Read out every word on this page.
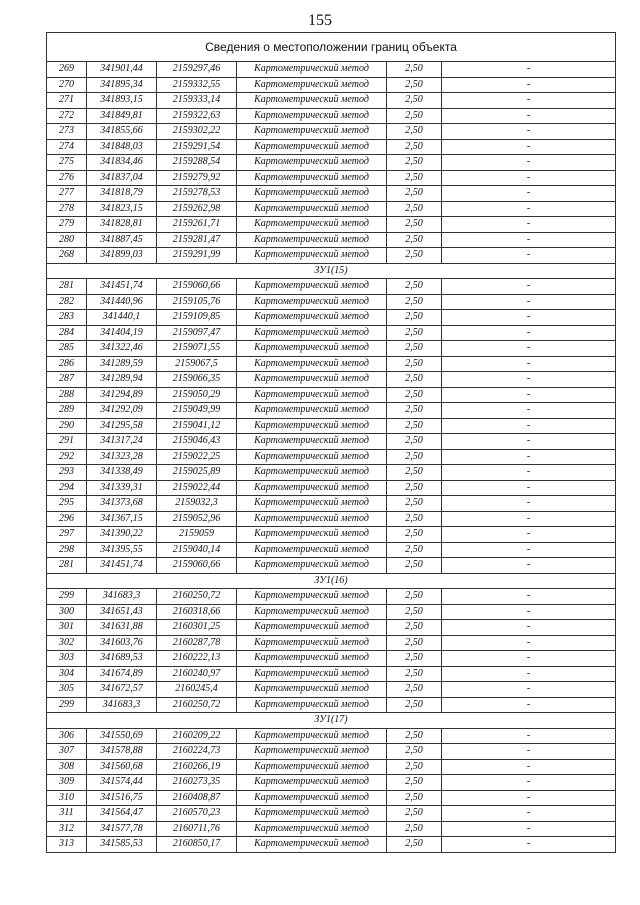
155
Сведения о местоположении границ объекта					
269	341901,44	2159297,46	Картометрический метод	2,50	-
270	341895,34	2159332,55	Картометрический метод	2,50	-
271	341893,15	2159333,14	Картометрический метод	2,50	-
272	341849,81	2159322,63	Картометрический метод	2,50	-
273	341855,66	2159302,22	Картометрический метод	2,50	-
274	341848,03	2159291,54	Картометрический метод	2,50	-
275	341834,46	2159288,54	Картометрический метод	2,50	-
276	341837,04	2159279,92	Картометрический метод	2,50	-
277	341818,79	2159278,53	Картометрический метод	2,50	-
278	341823,15	2159262,98	Картометрический метод	2,50	-
279	341828,81	2159261,71	Картометрический метод	2,50	-
280	341887,45	2159281,47	Картометрический метод	2,50	-
268	341899,03	2159291,99	Картометрический метод	2,50	-
ЗУ1(15)					
281	341451,74	2159060,66	Картометрический метод	2,50	-
282	341440,96	2159105,76	Картометрический метод	2,50	-
283	341440,1	2159109,85	Картометрический метод	2,50	-
284	341404,19	2159097,47	Картометрический метод	2,50	-
285	341322,46	2159071,55	Картометрический метод	2,50	-
286	341289,59	2159067,5	Картометрический метод	2,50	-
287	341289,94	2159066,35	Картометрический метод	2,50	-
288	341294,89	2159050,29	Картометрический метод	2,50	-
289	341292,09	2159049,99	Картометрический метод	2,50	-
290	341295,58	2159041,12	Картометрический метод	2,50	-
291	341317,24	2159046,43	Картометрический метод	2,50	-
292	341323,28	2159022,25	Картометрический метод	2,50	-
293	341338,49	2159025,89	Картометрический метод	2,50	-
294	341339,31	2159022,44	Картометрический метод	2,50	-
295	341373,68	2159032,3	Картометрический метод	2,50	-
296	341367,15	2159052,96	Картометрический метод	2,50	-
297	341390,22	2159059	Картометрический метод	2,50	-
298	341395,55	2159040,14	Картометрический метод	2,50	-
281	341451,74	2159060,66	Картометрический метод	2,50	-
ЗУ1(16)					
299	341683,3	2160250,72	Картометрический метод	2,50	-
300	341651,43	2160318,66	Картометрический метод	2,50	-
301	341631,88	2160301,25	Картометрический метод	2,50	-
302	341603,76	2160287,78	Картометрический метод	2,50	-
303	341689,53	2160222,13	Картометрический метод	2,50	-
304	341674,89	2160240,97	Картометрический метод	2,50	-
305	341672,57	2160245,4	Картометрический метод	2,50	-
299	341683,3	2160250,72	Картометрический метод	2,50	-
ЗУ1(17)					
306	341550,69	2160209,22	Картометрический метод	2,50	-
307	341578,88	2160224,73	Картометрический метод	2,50	-
308	341560,68	2160266,19	Картометрический метод	2,50	-
309	341574,44	2160273,35	Картометрический метод	2,50	-
310	341516,75	2160408,87	Картометрический метод	2,50	-
311	341564,47	2160570,23	Картометрический метод	2,50	-
312	341577,78	2160711,76	Картометрический метод	2,50	-
313	341585,53	2160850,17	Картометрический метод	2,50	-
